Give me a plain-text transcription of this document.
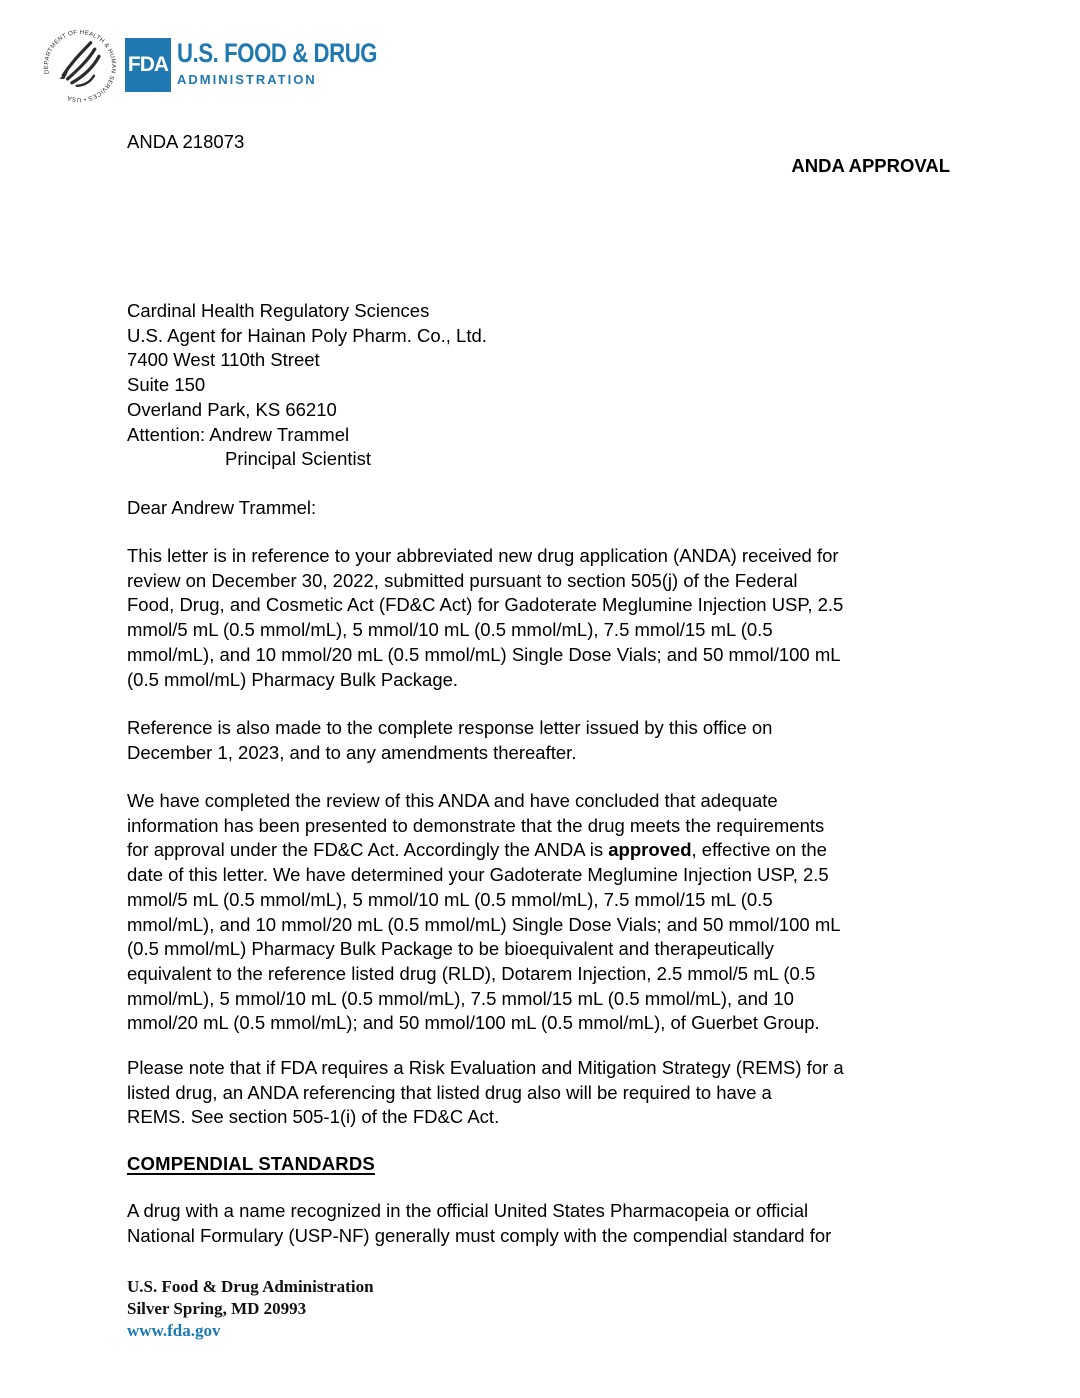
DEPARTMENT OF HEALTH & HUMAN SERVICES • USA
FDA U.S. FOOD & DRUG
ADMINISTRATION
ANDA 218073
ANDA APPROVAL
Cardinal Health Regulatory Sciences
U.S. Agent for Hainan Poly Pharm. Co., Ltd.
7400 West 110th Street
Suite 150
Overland Park, KS 66210
Attention: Andrew Trammel
Principal Scientist
Dear Andrew Trammel:
This letter is in reference to your abbreviated new drug application (ANDA) received for
review on December 30, 2022, submitted pursuant to section 505(j) of the Federal
Food, Drug, and Cosmetic Act (FD&C Act) for Gadoterate Meglumine Injection USP, 2.5
mmol/5 mL (0.5 mmol/mL), 5 mmol/10 mL (0.5 mmol/mL), 7.5 mmol/15 mL (0.5
mmol/mL), and 10 mmol/20 mL (0.5 mmol/mL) Single Dose Vials; and 50 mmol/100 mL
(0.5 mmol/mL) Pharmacy Bulk Package.
Reference is also made to the complete response letter issued by this office on
December 1, 2023, and to any amendments thereafter.
We have completed the review of this ANDA and have concluded that adequate
information has been presented to demonstrate that the drug meets the requirements
for approval under the FD&C Act. Accordingly the ANDA is approved, effective on the
date of this letter. We have determined your Gadoterate Meglumine Injection USP, 2.5
mmol/5 mL (0.5 mmol/mL), 5 mmol/10 mL (0.5 mmol/mL), 7.5 mmol/15 mL (0.5
mmol/mL), and 10 mmol/20 mL (0.5 mmol/mL) Single Dose Vials; and 50 mmol/100 mL
(0.5 mmol/mL) Pharmacy Bulk Package to be bioequivalent and therapeutically
equivalent to the reference listed drug (RLD), Dotarem Injection, 2.5 mmol/5 mL (0.5
mmol/mL), 5 mmol/10 mL (0.5 mmol/mL), 7.5 mmol/15 mL (0.5 mmol/mL), and 10
mmol/20 mL (0.5 mmol/mL); and 50 mmol/100 mL (0.5 mmol/mL), of Guerbet Group.
Please note that if FDA requires a Risk Evaluation and Mitigation Strategy (REMS) for a
listed drug, an ANDA referencing that listed drug also will be required to have a
REMS. See section 505-1(i) of the FD&C Act.
COMPENDIAL STANDARDS
A drug with a name recognized in the official United States Pharmacopeia or official
National Formulary (USP-NF) generally must comply with the compendial standard for
U.S. Food & Drug Administration
Silver Spring, MD 20993
www.fda.gov
